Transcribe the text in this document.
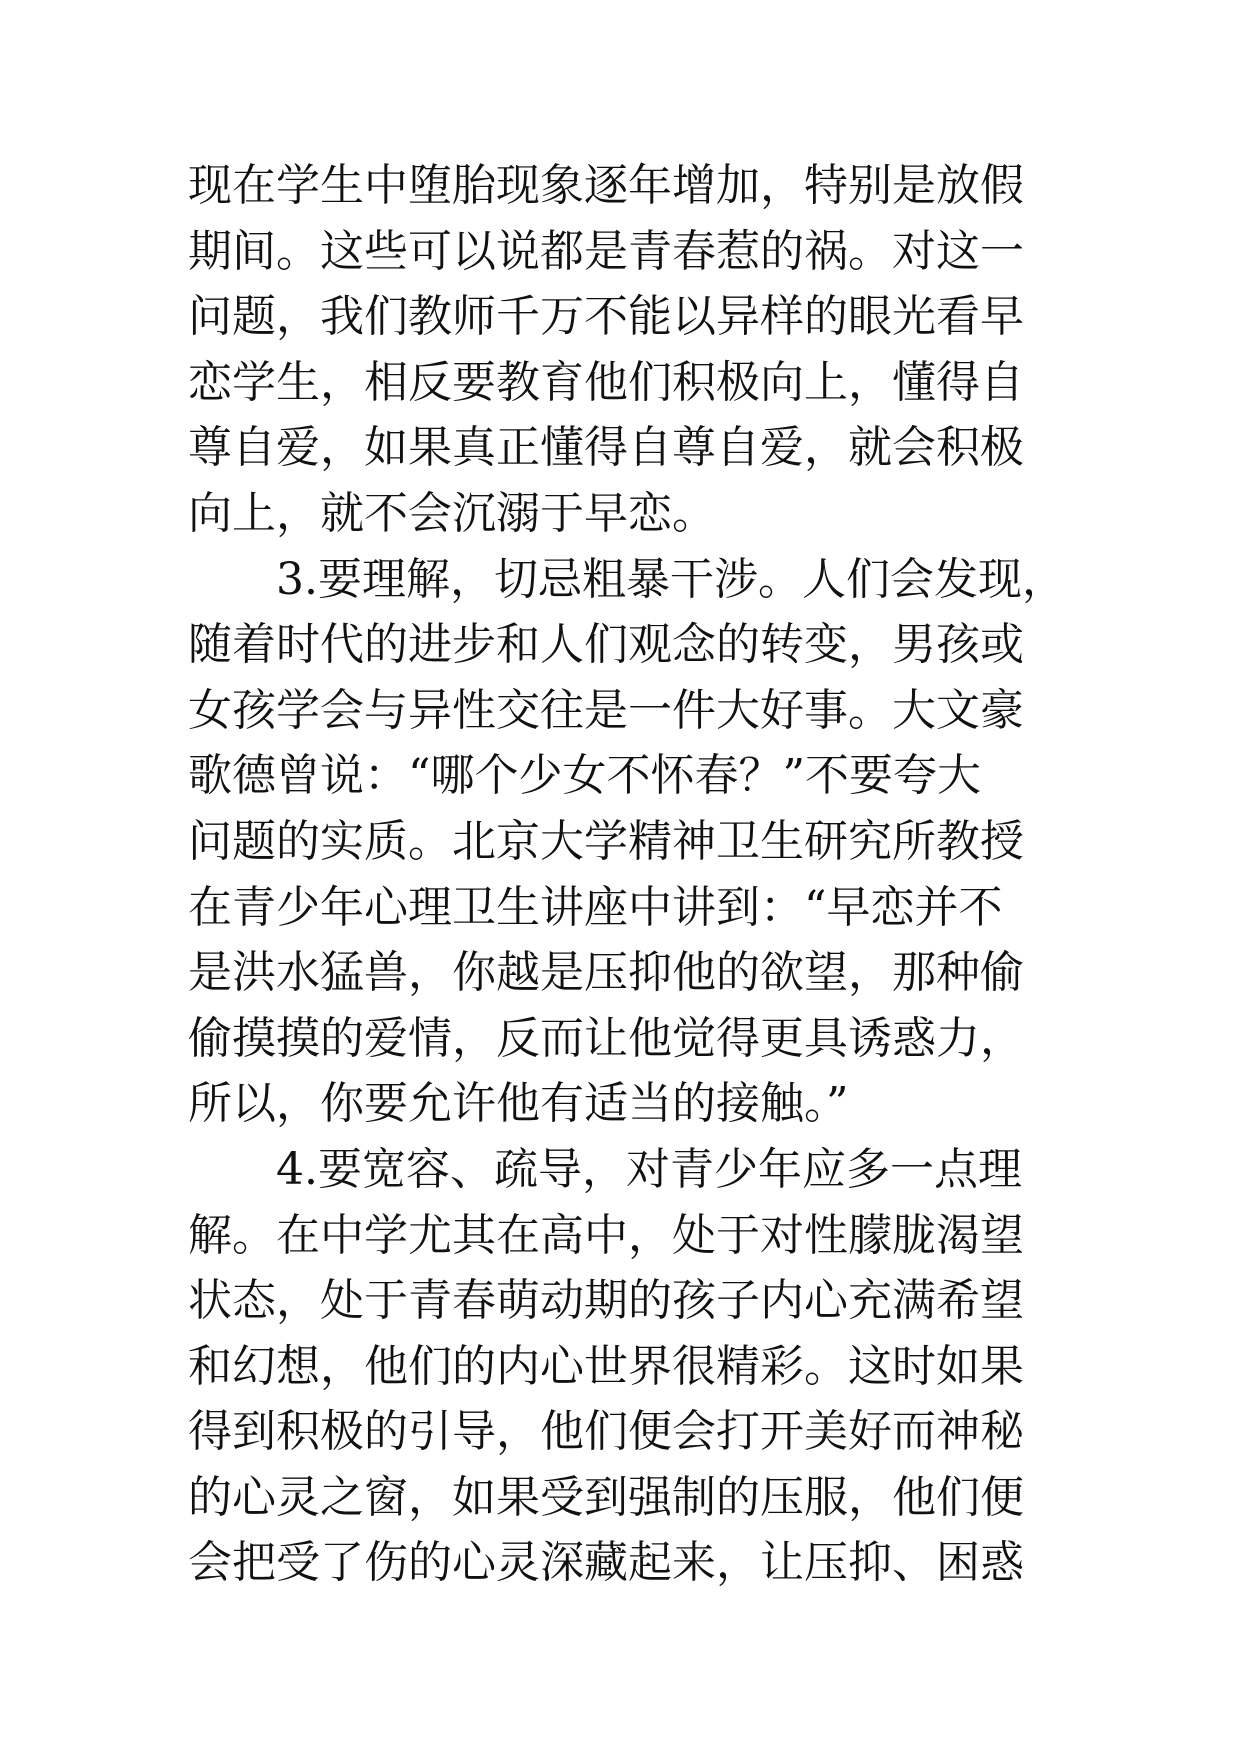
现在学生中堕胎现象逐年增加，特别是放假
期间。这些可以说都是青春惹的祸。对这一
问题，我们教师千万不能以异样的眼光看早
恋学生，相反要教育他们积极向上，懂得自
尊自爱，如果真正懂得自尊自爱，就会积极
向上，就不会沉溺于早恋。
3.要理解，切忌粗暴干涉。人们会发现，
随着时代的进步和人们观念的转变，男孩或
女孩学会与异性交往是一件大好事。大文豪
歌德曾说：“哪个少女不怀春？”不要夸大
问题的实质。北京大学精神卫生研究所教授
在青少年心理卫生讲座中讲到：“早恋并不
是洪水猛兽，你越是压抑他的欲望，那种偷
偷摸摸的爱情，反而让他觉得更具诱惑力，
所以，你要允许他有适当的接触。”
4.要宽容、疏导，对青少年应多一点理
解。在中学尤其在高中，处于对性朦胧渴望
状态，处于青春萌动期的孩子内心充满希望
和幻想，他们的内心世界很精彩。这时如果
得到积极的引导，他们便会打开美好而神秘
的心灵之窗，如果受到强制的压服，他们便
会把受了伤的心灵深藏起来，让压抑、困惑
